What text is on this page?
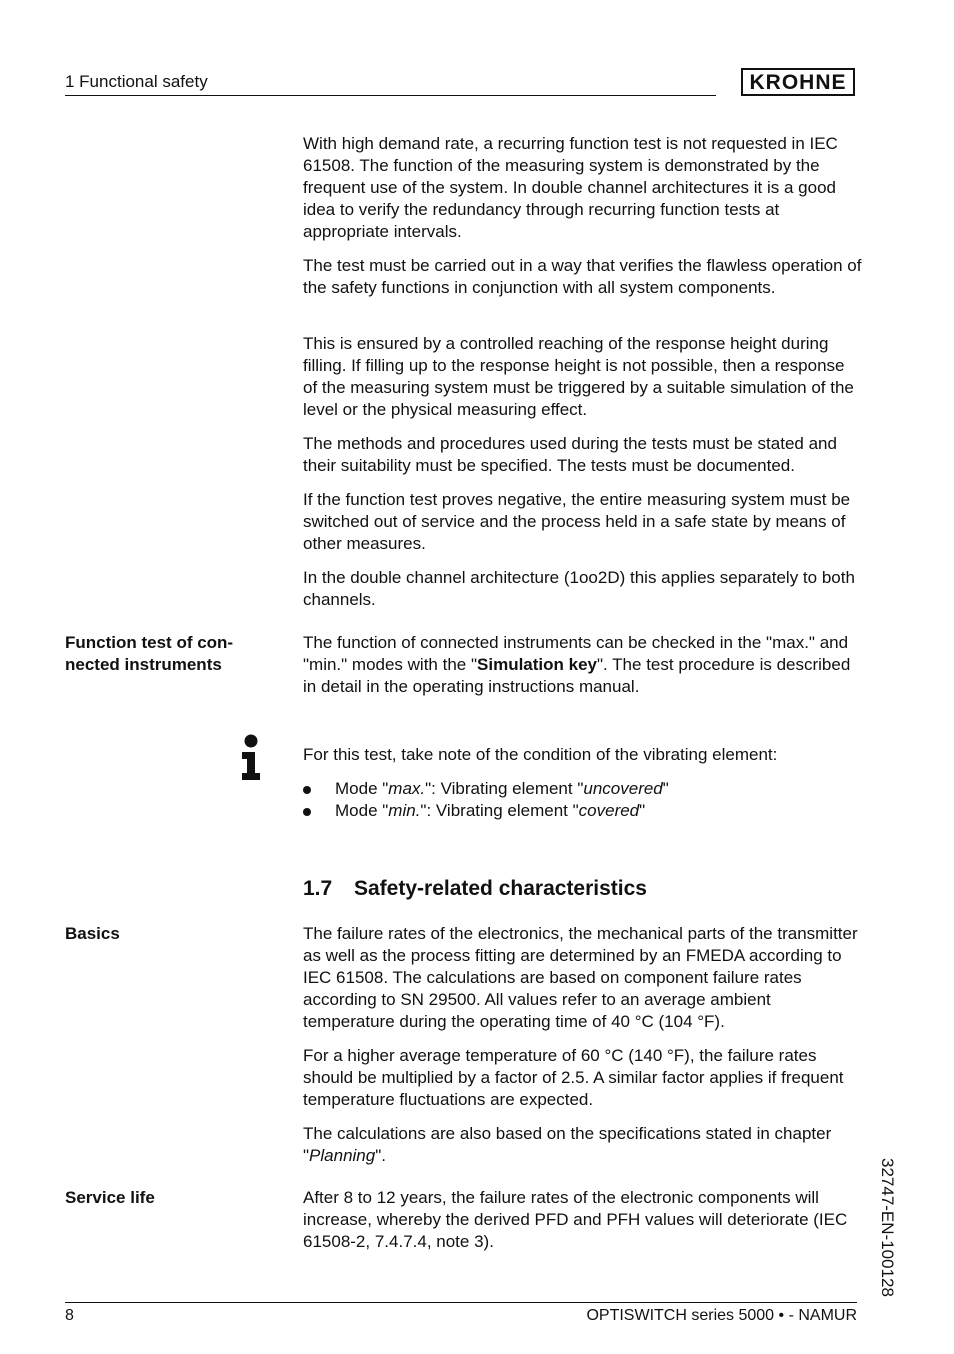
1 Functional safety	KROHNE

With high demand rate, a recurring function test is not requested in IEC 61508. The function of the measuring system is demonstrated by the frequent use of the system. In double channel architectures it is a good idea to verify the redundancy through recurring function tests at appropriate intervals.

The test must be carried out in a way that verifies the flawless operation of the safety functions in conjunction with all system components.

This is ensured by a controlled reaching of the response height during filling. If filling up to the response height is not possible, then a response of the measuring system must be triggered by a suitable simulation of the level or the physical measuring effect.

The methods and procedures used during the tests must be stated and their suitability must be specified. The tests must be documented.

If the function test proves negative, the entire measuring system must be switched out of service and the process held in a safe state by means of other measures.

In the double channel architecture (1oo2D) this applies separately to both channels.

Function test of con-
nected instruments

The function of connected instruments can be checked in the "max." and "min." modes with the "Simulation key". The test procedure is described in detail in the operating instructions manual.

For this test, take note of the condition of the vibrating element:

Mode "max.": Vibrating element "uncovered"
Mode "min.": Vibrating element "covered"
1.7 Safety-related characteristics
Basics	The failure rates of the electronics, the mechanical parts of the transmitter as well as the process fitting are determined by an FMEDA according to IEC 61508. The calculations are based on component failure rates according to SN 29500. All values refer to an average ambient temperature during the operating time of 40 °C (104 °F).

For a higher average temperature of 60 °C (140 °F), the failure rates should be multiplied by a factor of 2.5. A similar factor applies if frequent temperature fluctuations are expected.

The calculations are also based on the specifications stated in chapter "Planning".

Service life	After 8 to 12 years, the failure rates of the electronic components will increase, whereby the derived PFD and PFH values will deteriorate (IEC 61508-2, 7.4.7.4, note 3).	32747-EN-100128
8	OPTISWITCH series 5000 • - NAMUR
